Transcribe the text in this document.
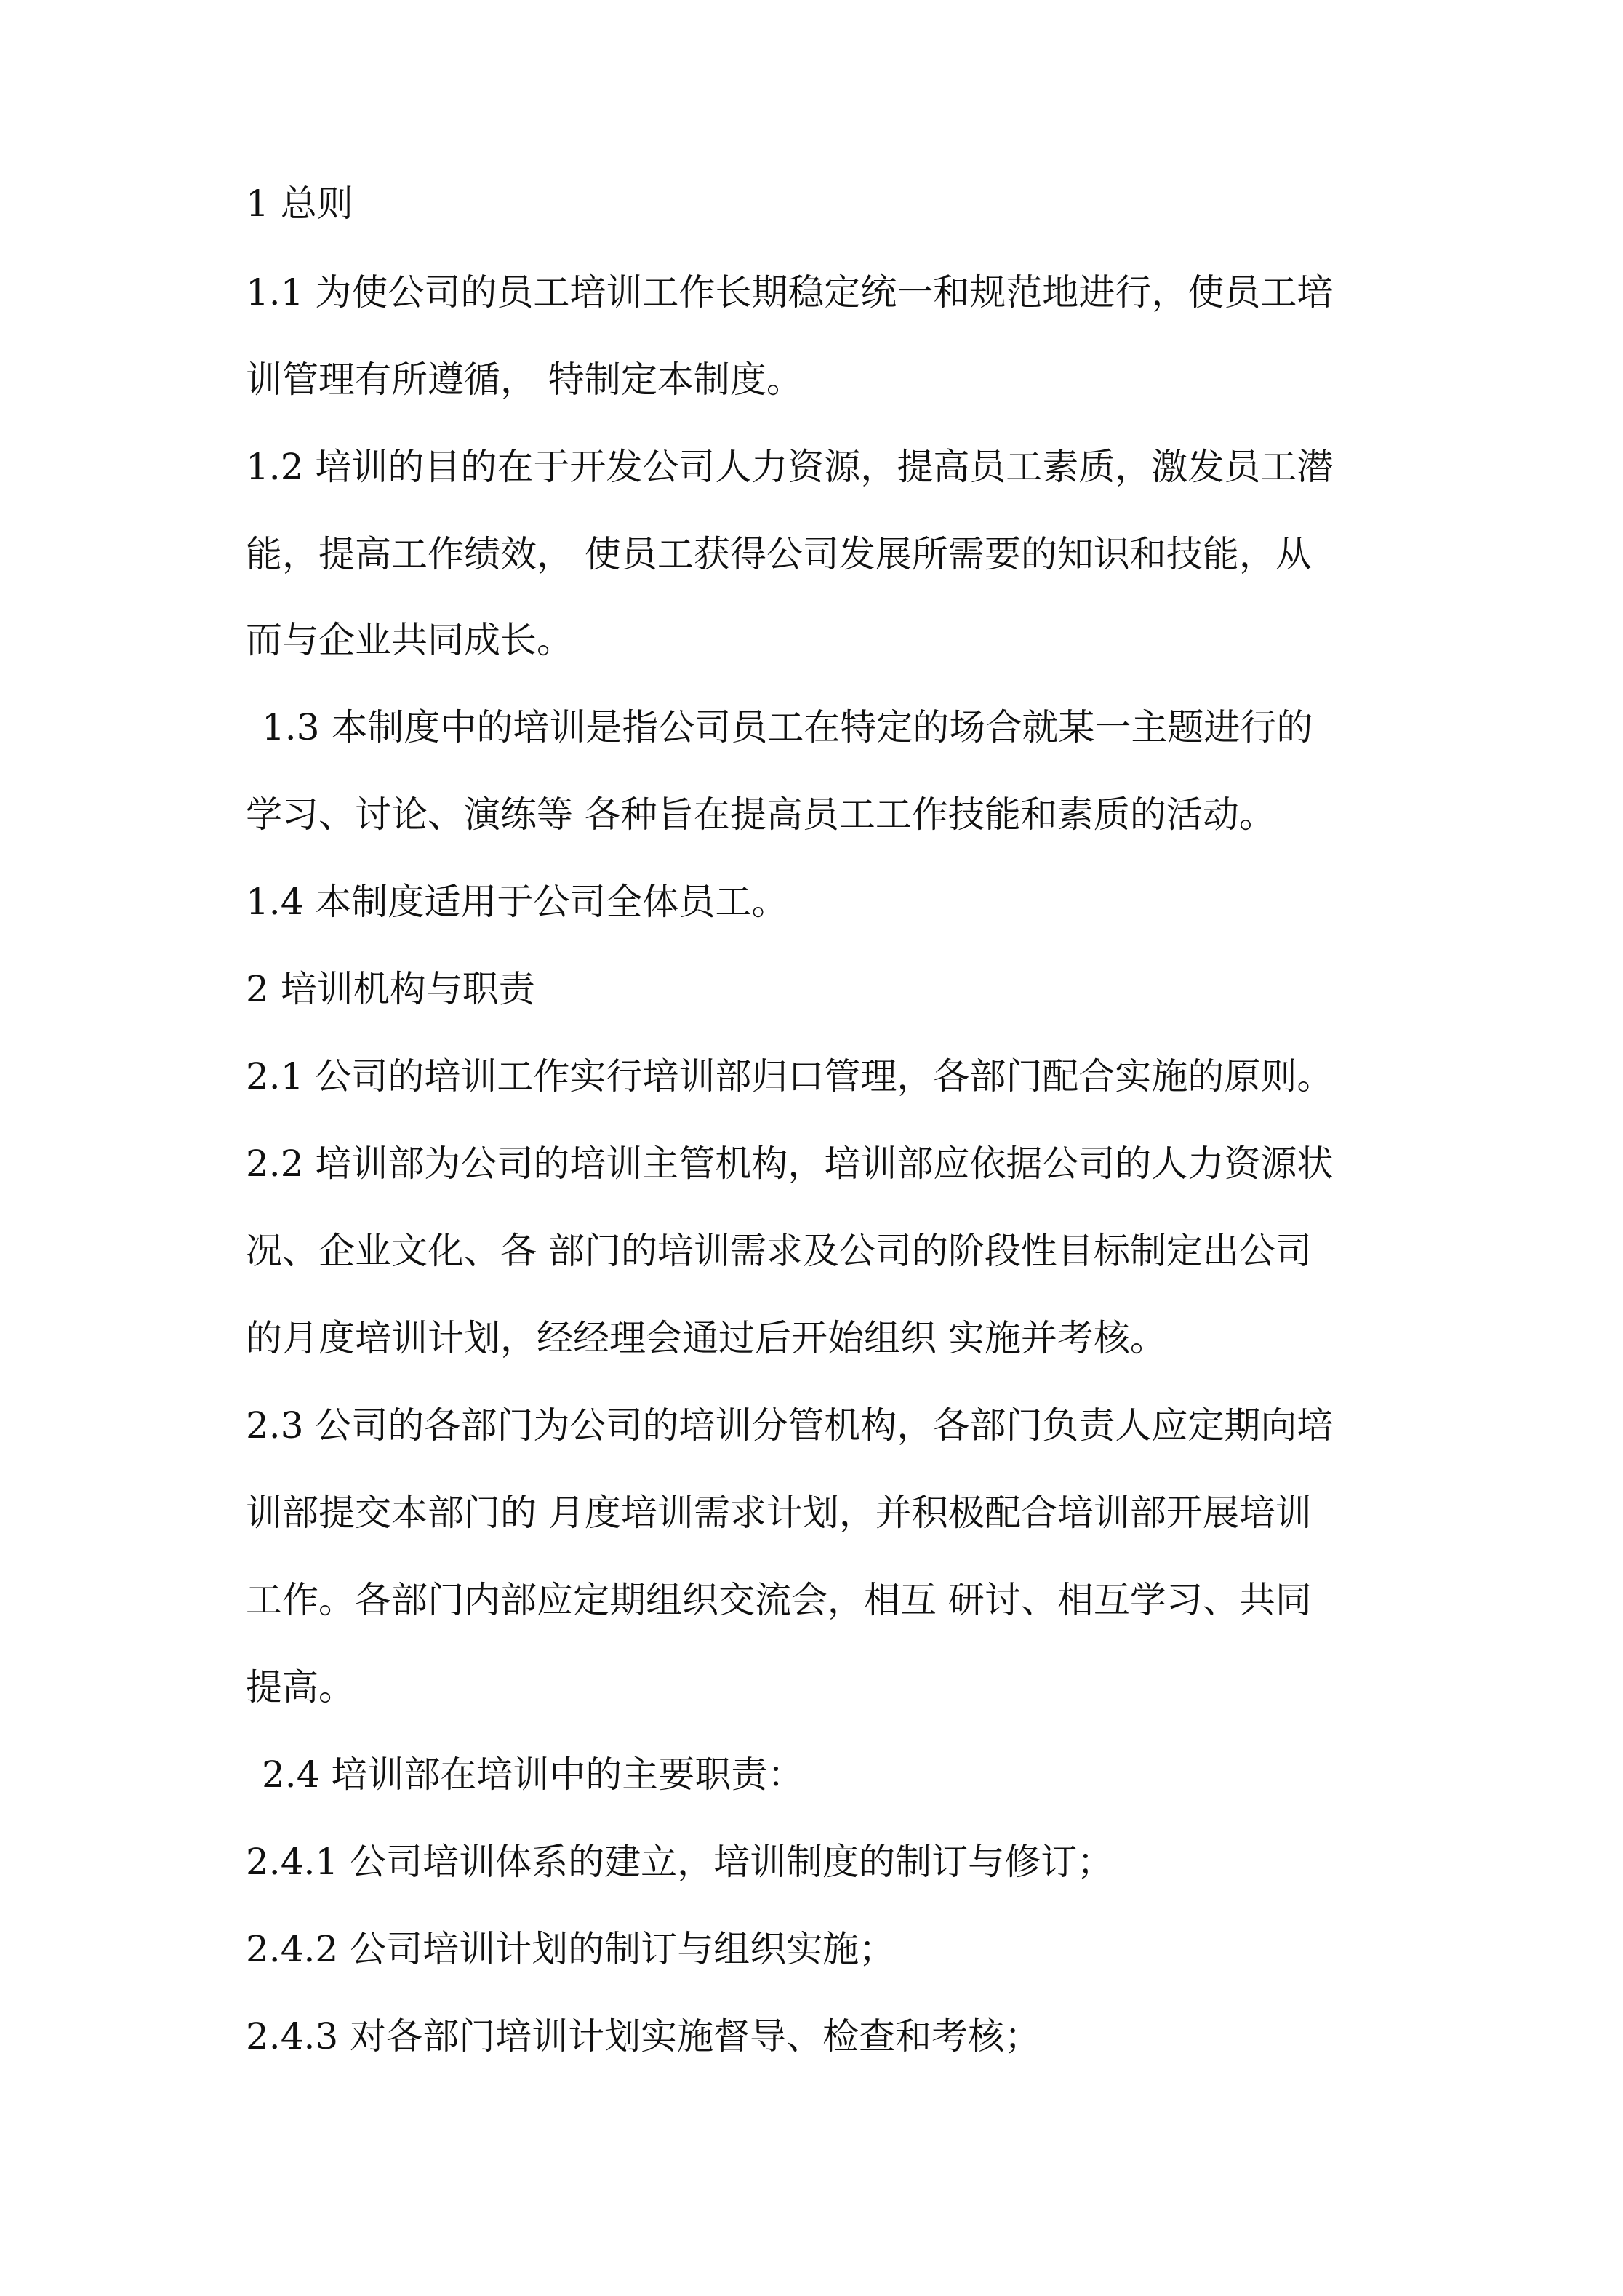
1 总则

1.1 为使公司的员工培训工作长期稳定统一和规范地进行，使员工培

训管理有所遵循， 特制定本制度。

1.2 培训的目的在于开发公司人力资源，提高员工素质，激发员工潜

能，提高工作绩效， 使员工获得公司发展所需要的知识和技能，从

而与企业共同成长。

1.3 本制度中的培训是指公司员工在特定的场合就某一主题进行的

学习、讨论、演练等 各种旨在提高员工工作技能和素质的活动。

1.4 本制度适用于公司全体员工。

2 培训机构与职责

2.1 公司的培训工作实行培训部归口管理，各部门配合实施的原则。

2.2 培训部为公司的培训主管机构，培训部应依据公司的人力资源状

况、企业文化、各 部门的培训需求及公司的阶段性目标制定出公司

的月度培训计划，经经理会通过后开始组织 实施并考核。

2.3 公司的各部门为公司的培训分管机构，各部门负责人应定期向培

训部提交本部门的 月度培训需求计划，并积极配合培训部开展培训

工作。各部门内部应定期组织交流会，相互 研讨、相互学习、共同

提高。

2.4 培训部在培训中的主要职责：

2.4.1 公司培训体系的建立，培训制度的制订与修订；

2.4.2 公司培训计划的制订与组织实施；

2.4.3 对各部门培训计划实施督导、检查和考核；
